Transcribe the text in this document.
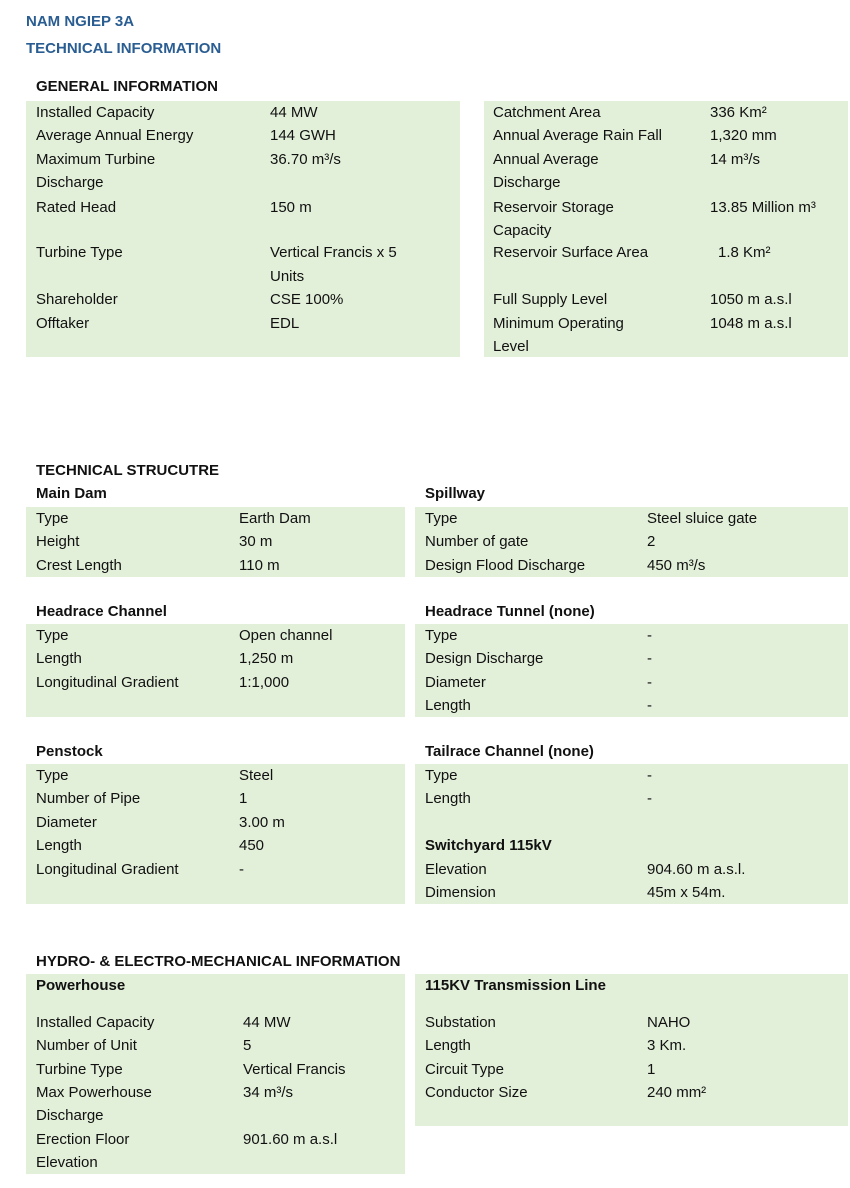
NAM NGIEP 3A
TECHNICAL INFORMATION
GENERAL INFORMATION
Installed Capacity	44 MW
Average Annual Energy	144 GWH
Maximum Turbine	36.70 m³/s
Discharge
Rated Head	150 m
Turbine Type	Vertical Francis x 5
Units
Shareholder	CSE 100%
Offtaker	EDL
Catchment Area	336 Km²
Annual Average Rain Fall	1,320 mm
Annual Average	14 m³/s
Discharge
Reservoir Storage	13.85 Million m³
Capacity
Reservoir Surface Area	1.8 Km²
Full Supply Level	1050 m a.s.l
Minimum Operating	1048 m a.s.l
Level
TECHNICAL STRUCUTRE
Main Dam
Type	Earth Dam
Height	30 m
Crest Length	110 m
Spillway
Type	Steel sluice gate
Number of gate	2
Design Flood Discharge	450 m³/s
Headrace Channel
Type	Open channel
Length	1,250 m
Longitudinal Gradient	1:1,000
Headrace Tunnel (none)
Type	-
Design Discharge	-
Diameter	-
Length	-
Penstock
Type	Steel
Number of Pipe	1
Diameter	3.00 m
Length	450
Longitudinal Gradient	-
Tailrace Channel (none)
Type	-
Length	-
Switchyard 115kV
Elevation	904.60 m a.s.l.
Dimension	45m x 54m.
HYDRO- & ELECTRO-MECHANICAL INFORMATION
Powerhouse
Installed Capacity	44 MW
Number of Unit	5
Turbine Type	Vertical Francis
Max Powerhouse	34 m³/s
Discharge
Erection Floor	901.60 m a.s.l
Elevation
115KV Transmission Line
Substation	NAHO
Length	3 Km.
Circuit Type	1
Conductor Size	240 mm²
